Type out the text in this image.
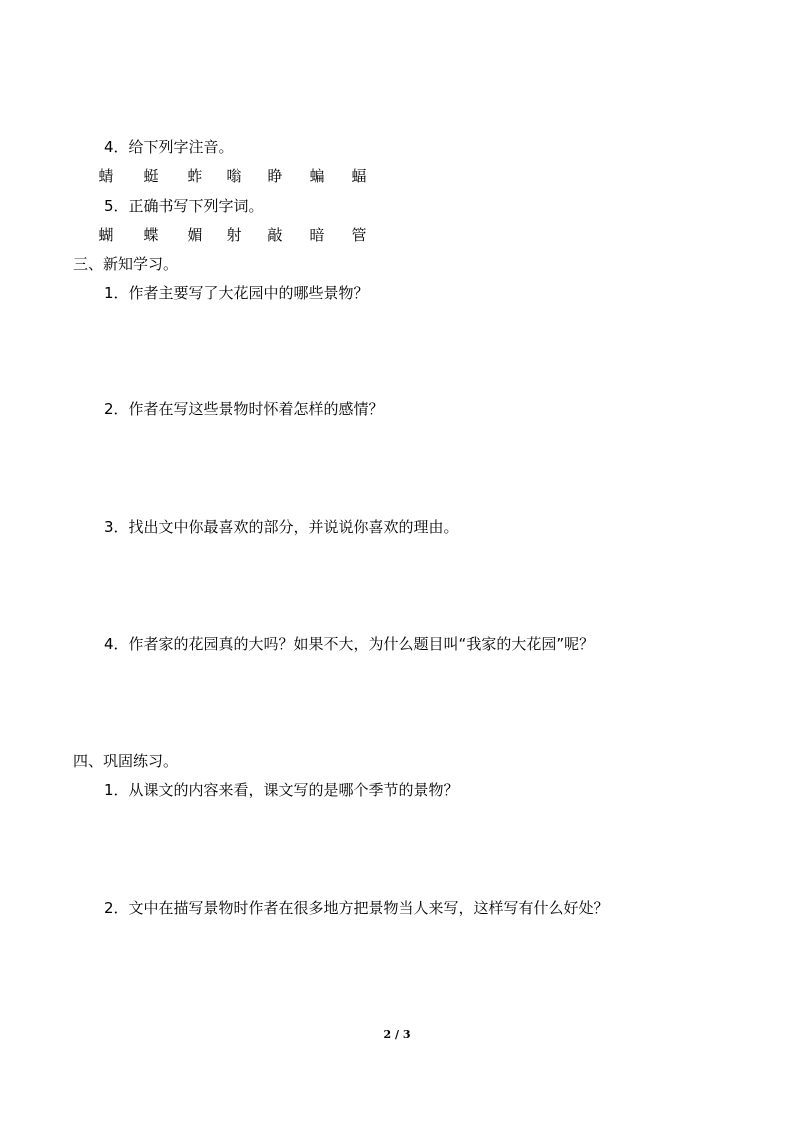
4．给下列字注音。
蜻 蜓 蚱 嗡 睁 蝙 蝠
5．正确书写下列字词。
蝴 蝶 媚 射 敲 暗 管
三、新知学习。
1．作者主要写了大花园中的哪些景物？
2．作者在写这些景物时怀着怎样的感情？
3．找出文中你最喜欢的部分，并说说你喜欢的理由。
4．作者家的花园真的大吗？如果不大，为什么题目叫“我家的大花园”呢？
四、巩固练习。
1．从课文的内容来看，课文写的是哪个季节的景物？
2．文中在描写景物时作者在很多地方把景物当人来写，这样写有什么好处？
2 / 3
